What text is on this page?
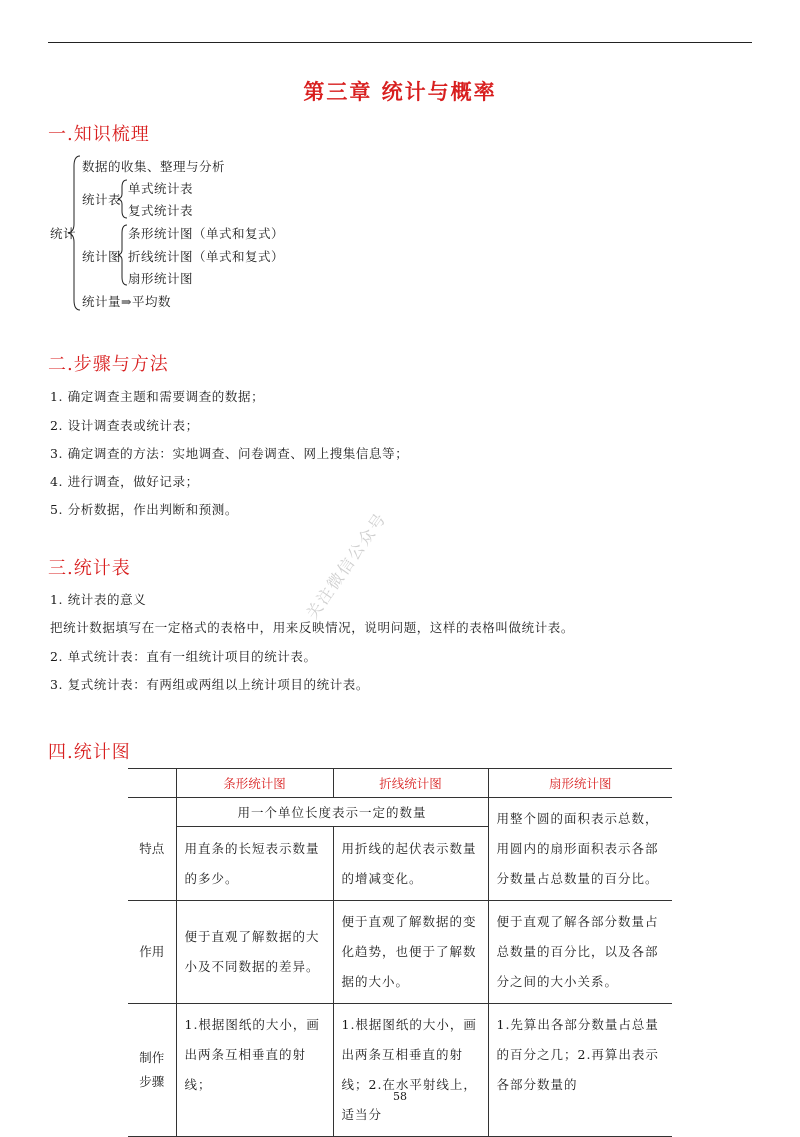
第三章 统计与概率
一.知识梳理
统计
数据的收集、整理与分析
统计表
单式统计表
复式统计表
统计图
条形统计图（单式和复式）
折线统计图（单式和复式）
扇形统计图
统计量⇒平均数
二.步骤与方法
1. 确定调查主题和需要调查的数据；
2. 设计调查表或统计表；
3. 确定调查的方法：实地调查、问卷调查、网上搜集信息等；
4. 进行调查，做好记录；
5. 分析数据，作出判断和预测。
三.统计表
1. 统计表的意义
把统计数据填写在一定格式的表格中，用来反映情况，说明问题，这样的表格叫做统计表。
2. 单式统计表：直有一组统计项目的统计表。
3. 复式统计表：有两组或两组以上统计项目的统计表。
四.统计图
	条形统计图	折线统计图	扇形统计图
特点	用一个单位长度表示一定的数量		用整个圆的面积表示总数，用圆内的扇形面积表示各部分数量占总数量的百分比。
	用直条的长短表示数量的多少。	用折线的起伏表示数量的增减变化。	
作用	便于直观了解数据的大小及不同数据的差异。	便于直观了解数据的变化趋势，也便于了解数据的大小。	便于直观了解各部分数量占总数量的百分比，以及各部分之间的大小关系。
制作步骤	1.根据图纸的大小，画出两条互相垂直的射线；	1.根据图纸的大小，画出两条互相垂直的射线；2.在水平射线上，适当分	1.先算出各部分数量占总量的百分之几；2.再算出表示各部分数量的
关注微信公众号
58
